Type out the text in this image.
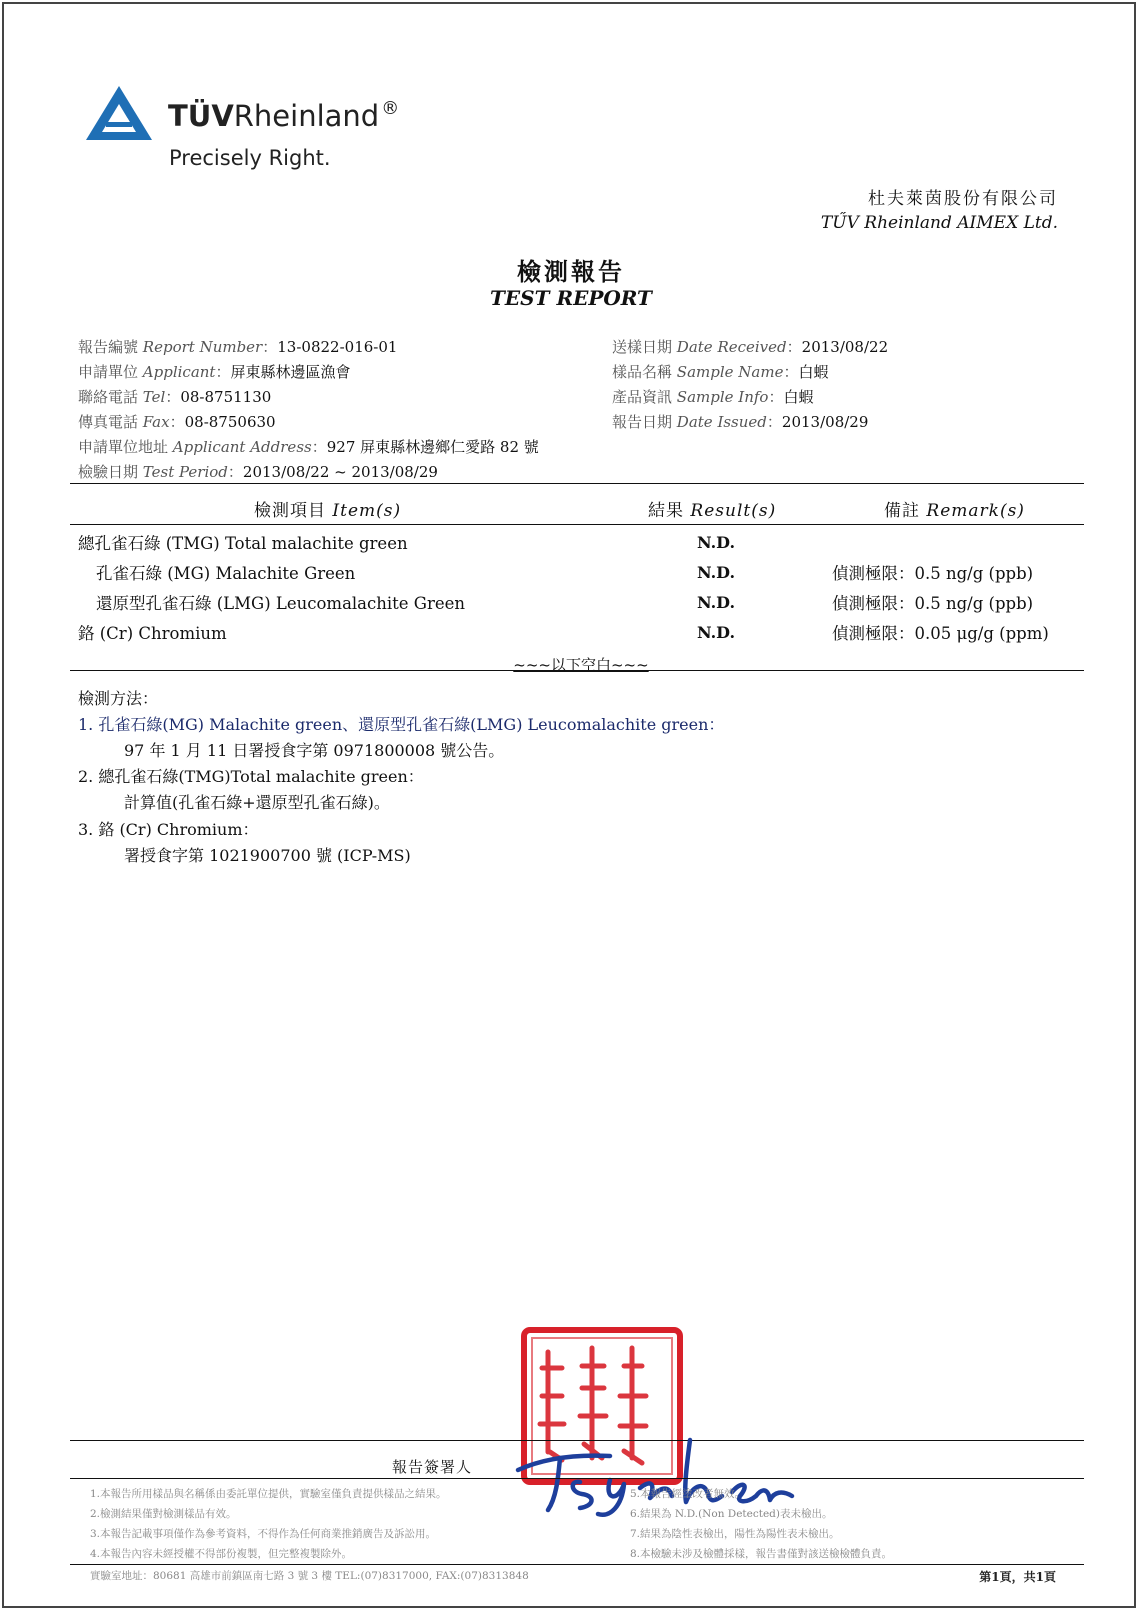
TÜVRheinland ®
Precisely Right.
杜夫萊茵股份有限公司
TŰV Rheinland AIMEX Ltd.
檢測報告
TEST REPORT
報告編號 Report Number：13-0822-016-01
申請單位 Applicant：屏東縣林邊區漁會
聯絡電話 Tel：08-8751130
傳真電話 Fax：08-8750630
申請單位地址 Applicant Address：927 屏東縣林邊鄉仁愛路 82 號
檢驗日期 Test Period：2013/08/22 ~ 2013/08/29
送樣日期 Date Received：2013/08/22
樣品名稱 Sample Name：白蝦
產品資訊 Sample Info：白蝦
報告日期 Date Issued：2013/08/29
檢測項目 Item(s)	結果 Result(s)	備註 Remark(s)
總孔雀石綠 (TMG) Total malachite green	N.D.
孔雀石綠 (MG) Malachite Green	N.D.	偵測極限：0.5 ng/g (ppb)
還原型孔雀石綠 (LMG) Leucomalachite Green	N.D.	偵測極限：0.5 ng/g (ppb)
鉻 (Cr) Chromium	N.D.	偵測極限：0.05 μg/g (ppm)
~~~以下空白~~~
檢測方法：
1. 孔雀石綠(MG) Malachite green、還原型孔雀石綠(LMG) Leucomalachite green：
97 年 1 月 11 日署授食字第 0971800008 號公告。
2. 總孔雀石綠(TMG)Total malachite green：
計算值(孔雀石綠+還原型孔雀石綠)。
3. 鉻 (Cr) Chromium：
署授食字第 1021900700 號 (ICP-MS)
報告簽署人
1.本報告所用樣品與名稱係由委託單位提供，實驗室僅負責提供樣品之結果。
2.檢測結果僅對檢測樣品有效。
3.本報告記載事項僅作為參考資料，不得作為任何商業推銷廣告及訴訟用。
4.本報告內容未經授權不得部份複製，但完整複製除外。
5.本報告經塗改者無效。
6.結果為 N.D.(Non Detected)表未檢出。
7.結果為陰性表檢出，陽性為陽性表未檢出。
8.本檢驗未涉及檢體採樣，報告書僅對該送檢檢體負責。
實驗室地址：80681 高雄市前鎮區南七路 3 號 3 樓 TEL:(07)8317000, FAX:(07)8313848	第1頁，共1頁
